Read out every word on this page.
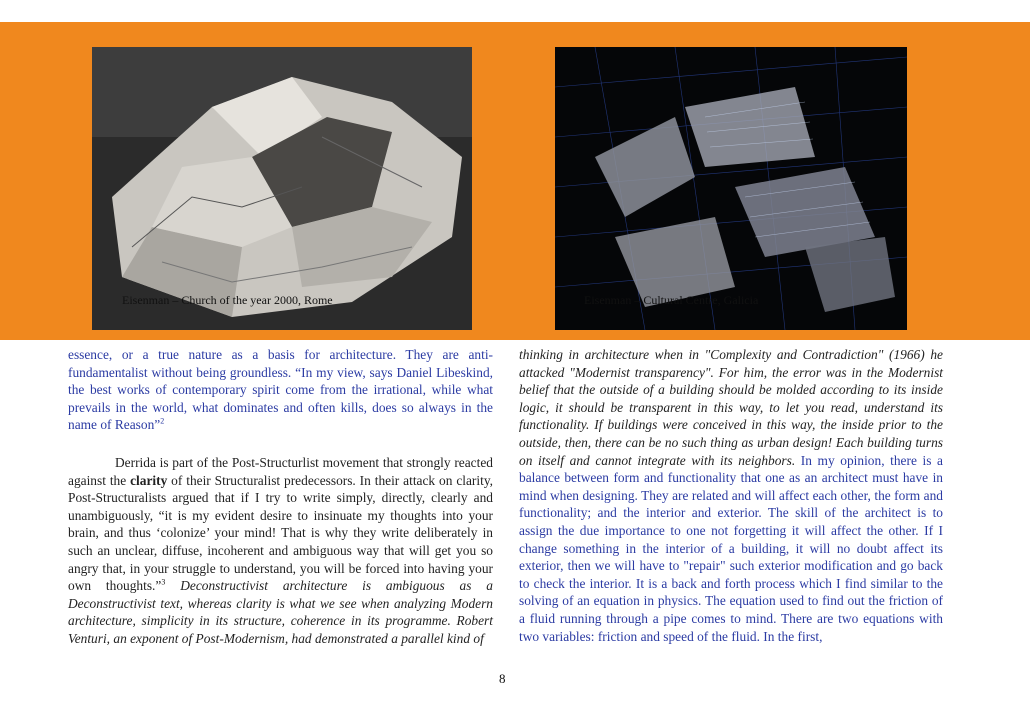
Eisenman – Church of the year 2000, Rome	Eisenman – Cultural Centre, Galicia

essence, or a true nature as a basis for architecture. They are anti-fundamentalist without being groundless. “In my view, says Daniel Libeskind, the best works of contemporary spirit come from the irrational, while what prevails in the world, what dominates and often kills, does so always in the name of Reason”$^2$

Derrida is part of the Post-Structurlist movement that strongly reacted against the clarity of their Structuralist predecessors. In their attack on clarity, Post-Structuralists argued that if I try to write simply, directly, clearly and unambiguously, “it is my evident desire to insinuate my thoughts into your brain, and thus ‘colonize’ your mind! That is why they write deliberately in such an unclear, diffuse, incoherent and ambiguous way that will get you so angry that, in your struggle to understand, you will be forced into having your own thoughts.”$^3$ Deconstructivist architecture is ambiguous as a Deconstructivist text, whereas clarity is what we see when analyzing Modern architecture, simplicity in its structure, coherence in its programme. Robert Venturi, an exponent of Post-Modernism, had demonstrated a parallel kind of

thinking in architecture when in "Complexity and Contradiction" (1966) he attacked "Modernist transparency". For him, the error was in the Modernist belief that the outside of a building should be molded according to its inside logic, it should be transparent in this way, to let you read, understand its functionality. If buildings were conceived in this way, the inside prior to the outside, then, there can be no such thing as urban design! Each building turns on itself and cannot integrate with its neighbors. In my opinion, there is a balance between form and functionality that one as an architect must have in mind when designing. They are related and will affect each other, the form and functionality; and the interior and exterior. The skill of the architect is to assign the due importance to one not forgetting it will affect the other. If I change something in the interior of a building, it will no doubt affect its exterior, then we will have to "repair" such exterior modification and go back to check the interior. It is a back and forth process which I find similar to the solving of an equation in physics. The equation used to find out the friction of a fluid running through a pipe comes to mind. There are two equations with two variables: friction and speed of the fluid. In the first,

8
